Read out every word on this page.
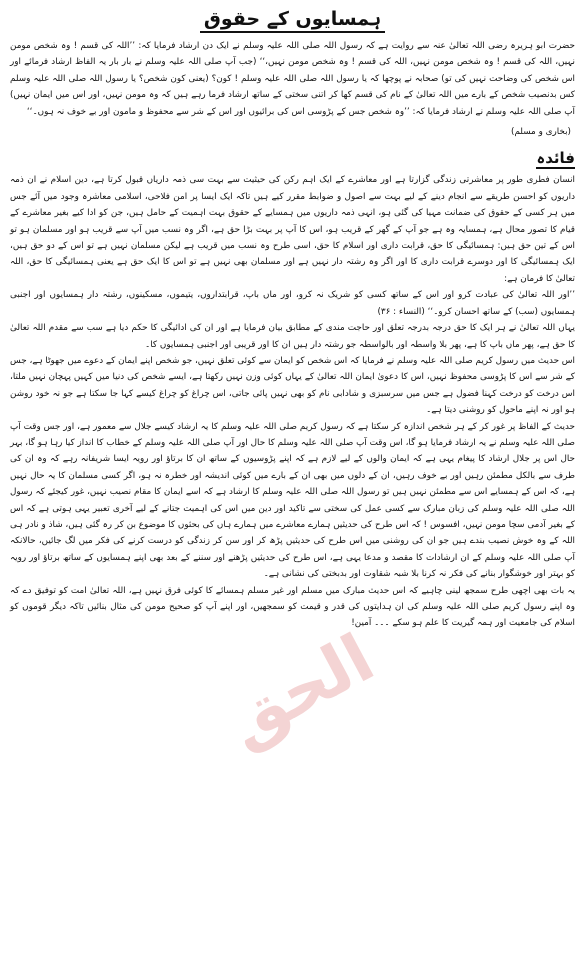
ہمسایوں کے حقوق

حضرت ابو ہریرہ رضی اللہ تعالیٰ عنہ سے روایت ہے کہ رسول اللہ صلی اللہ علیہ وسلم نے ایک دن ارشاد فرمایا کہ: ’’اللہ کی قسم ! وہ شخص مومن نہیں، اللہ کی قسم ! وہ شخص مومن نہیں، اللہ کی قسم ! وہ شخص مومن نہیں،‘‘ (جب آپ صلی اللہ علیہ وسلم نے بار بار یہ الفاظ ارشاد فرمائے اور اس شخص کی وضاحت نہیں کی تو) صحابہ نے پوچھا کہ یا رسول اللہ صلی اللہ علیہ وسلم ! کون؟ (یعنی کون شخص؟ یا رسول اللہ صلی اللہ علیہ وسلم کس بدنصیب شخص کے بارے میں اللہ تعالیٰ کے نام کی قسم کھا کر اتنی سختی کے ساتھ ارشاد فرما رہے ہیں کہ وہ مومن نہیں، اور اس میں ایمان نہیں) آپ صلی اللہ علیہ وسلم نے ارشاد فرمایا کہ: ’’وہ شخص جس کے پڑوسی اس کی برائیوں اور اس کے شر سے محفوظ و مامون اور بے خوف نہ ہوں۔‘‘

(بخاری و مسلم)
فائدہ

انسان فطری طور پر معاشرتی زندگی گزارتا ہے اور معاشرے کے ایک اہم رکن کی حیثیت سے بہت سی ذمہ داریاں قبول کرتا ہے، دین اسلام نے ان ذمہ داریوں کو احسن طریقے سے انجام دینے کے لیے بہت سے اصول و ضوابط مقرر کیے ہیں تاکہ ایک ایسا پر امن فلاحی، اسلامی معاشرہ وجود میں آئے جس میں ہر کسی کے حقوق کی ضمانت مہیا کی گئی ہو، انہی ذمہ داریوں میں ہمسایے کے حقوق بہت اہمیت کے حامل ہیں، جن کو ادا کیے بغیر معاشرے کے قیام کا تصور محال ہے، ہمسایہ وہ ہے جو آپ کے گھر کے قریب ہو، اس کا آپ پر بہت بڑا حق ہے، اگر وہ نسب میں آپ سے قریب ہو اور مسلمان ہو تو اس کے تین حق ہیں: ہمسائیگی کا حق، قرابت داری اور اسلام کا حق، اسی طرح وہ نسب میں قریب ہے لیکن مسلمان نہیں ہے تو اس کے دو حق ہیں، ایک ہمسائیگی کا اور دوسرے قرابت داری کا اور اگر وہ رشتہ دار نہیں ہے اور مسلمان بھی نہیں ہے تو اس کا ایک حق ہے یعنی ہمسائیگی کا حق، اللہ تعالیٰ کا فرمان ہے:

’’اور اللہ تعالیٰ کی عبادت کرو اور اس کے ساتھ کسی کو شریک نہ کرو، اور ماں باپ، قرابتداروں، یتیموں، مسکینوں، رشتہ دار ہمسایوں اور اجنبی ہمسایوں (سب) کے ساتھ احسان کرو۔‘‘ (النساء : ۳۶)

یہاں اللہ تعالیٰ نے ہر ایک کا حق درجہ بدرجہ تعلق اور حاجت مندی کے مطابق بیان فرمایا ہے اور ان کی ادائیگی کا حکم دیا ہے سب سے مقدم اللہ تعالیٰ کا حق ہے، پھر ماں باپ کا ہے، پھر بلا واسطہ اور بالواسطہ جو رشتہ دار ہیں ان کا اور قریبی اور اجنبی ہمسایوں کا۔

اس حدیث میں رسول کریم صلی اللہ علیہ وسلم نے فرمایا کہ اس شخص کو ایمان سے کوئی تعلق نہیں، جو شخص اپنے ایمان کے دعوے میں جھوٹا ہے، جس کے شر سے اس کا پڑوسی محفوظ نہیں، اس کا دعویٰ ایمان اللہ تعالیٰ کے یہاں کوئی وزن نہیں رکھتا ہے، ایسے شخص کی دنیا میں کہیں پہچان نہیں ملتا، اس درخت کو درخت کہنا فضول ہے جس میں سرسبزی و شادابی نام کو بھی نہیں پائی جاتی، اس چراغ کو چراغ کیسے کہا جا سکتا ہے جو نہ خود روشن ہو اور نہ اپنے ماحول کو روشنی دیتا ہے۔

حدیث کے الفاظ پر غور کر کے ہر شخص اندازہ کر سکتا ہے کہ رسول کریم صلی اللہ علیہ وسلم کا یہ ارشاد کیسے جلال سے معمور ہے، اور جس وقت آپ صلی اللہ علیہ وسلم نے یہ ارشاد فرمایا ہو گا، اس وقت آپ صلی اللہ علیہ وسلم کا حال اور آپ صلی اللہ علیہ وسلم کے خطاب کا انداز کیا رہا ہو گا، بہر حال اس پر جلال ارشاد کا پیغام یہی ہے کہ ایمان والوں کے لیے لازم ہے کہ اپنے پڑوسیوں کے ساتھ ان کا برتاؤ اور رویہ ایسا شریفانہ رہے کہ وہ ان کی طرف سے بالکل مطمئن رہیں اور بے خوف رہیں، ان کے دلوں میں بھی ان کے بارے میں کوئی اندیشہ اور خطرہ نہ ہو، اگر کسی مسلمان کا یہ حال نہیں ہے، کہ اس کے ہمسایے اس سے مطمئن نہیں ہیں تو رسول اللہ صلی اللہ علیہ وسلم کا ارشاد ہے کہ اسے ایمان کا مقام نصیب نہیں، غور کیجئے کہ رسول اللہ صلی اللہ علیہ وسلم کی زبان مبارک سے کسی عمل کی سختی سے تاکید اور دین میں اس کی اہمیت جتانے کے لیے آخری تعبیر یہی ہوتی ہے کہ اس کے بغیر آدمی سچا مومن نہیں، افسوس ! کہ اس طرح کی حدیثیں ہمارے معاشرے میں ہمارے ہاں کی بحثوں کا موضوع بن کر رہ گئی ہیں، شاذ و نادر ہی اللہ کے وہ خوش نصیب بندے ہیں جو ان کی روشنی میں اس طرح کی حدیثیں پڑھ کر اور سن کر زندگی کو درست کرنے کی فکر میں لگ جائیں، حالانکہ آپ صلی اللہ علیہ وسلم کے ان ارشادات کا مقصد و مدعا یہی ہے، اس طرح کی حدیثیں پڑھنے اور سننے کے بعد بھی اپنے ہمسایوں کے ساتھ برتاؤ اور رویہ کو بہتر اور خوشگوار بنانے کی فکر نہ کرنا بلا شبہ شقاوت اور بدبختی کی نشانی ہے۔

یہ بات بھی اچھی طرح سمجھ لینی چاہیے کہ اس حدیث مبارک میں مسلم اور غیر مسلم ہمسائے کا کوئی فرق نہیں ہے، اللہ تعالیٰ امت کو توفیق دے کہ وہ اپنے رسول کریم صلی اللہ علیہ وسلم کی ان ہدایتوں کی قدر و قیمت کو سمجھیں، اور اپنے آپ کو صحیح مومن کی مثال بنائیں تاکہ دیگر قوموں کو اسلام کی جامعیت اور ہمہ گیریت کا علم ہو سکے ۔۔۔ آمین!

الحق
